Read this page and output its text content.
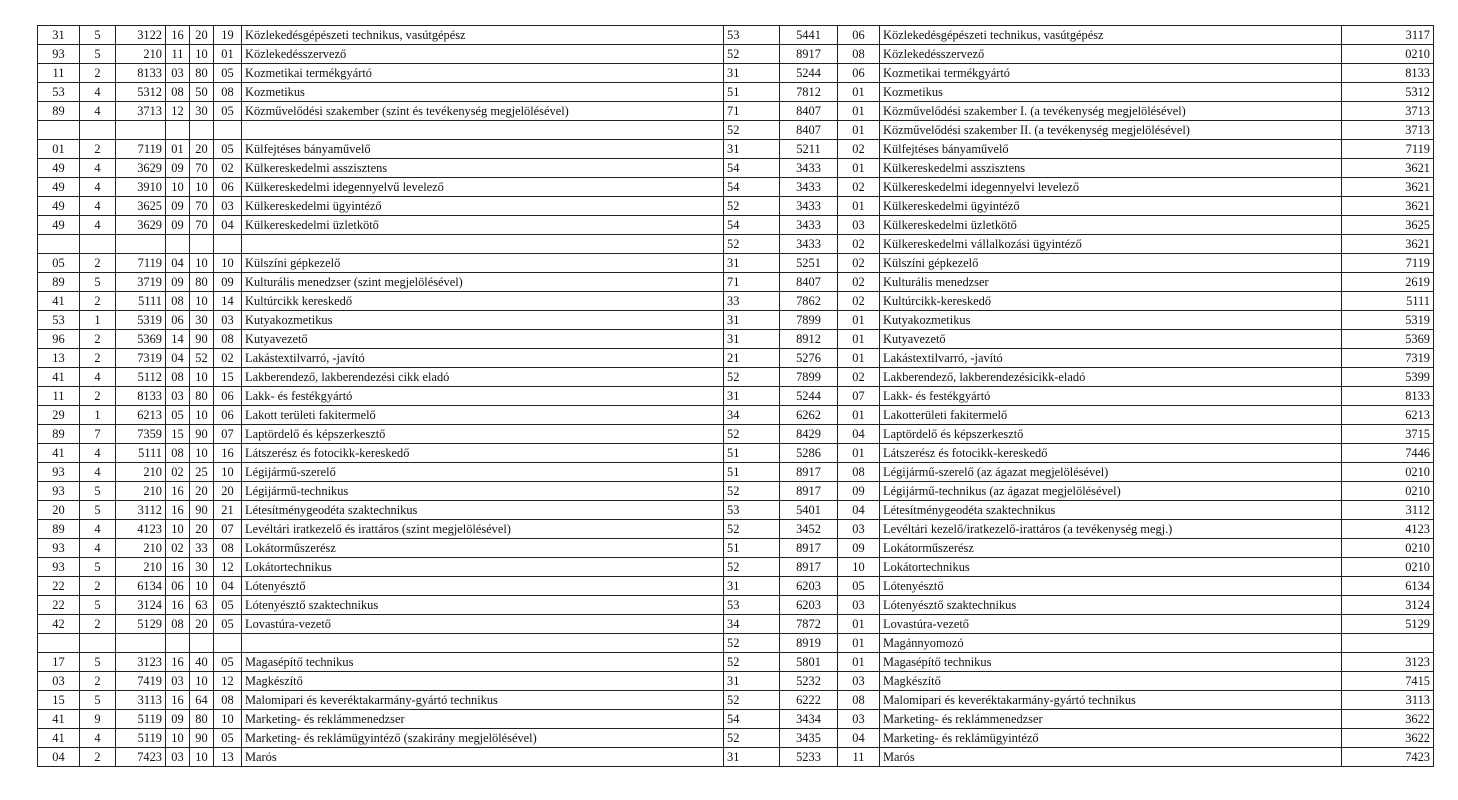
31	5	3122	16	20	19	Közlekedésgépészeti technikus, vasútgépész	53	5441	06	Közlekedésgépészeti technikus, vasútgépész	3117
93	5	210	11	10	01	Közlekedésszervező	52	8917	08	Közlekedésszervező	0210
11	2	8133	03	80	05	Kozmetikai termékgyártó	31	5244	06	Kozmetikai termékgyártó	8133
53	4	5312	08	50	08	Kozmetikus	51	7812	01	Kozmetikus	5312
89	4	3713	12	30	05	Közművelődési szakember (szint és tevékenység megjelölésével)	71	8407	01	Közművelődési szakember I. (a tevékenység megjelölésével)	3713
							52	8407	01	Közművelődési szakember II. (a tevékenység megjelölésével)	3713
01	2	7119	01	20	05	Külfejtéses bányaművelő	31	5211	02	Külfejtéses bányaművelő	7119
49	4	3629	09	70	02	Külkereskedelmi asszisztens	54	3433	01	Külkereskedelmi asszisztens	3621
49	4	3910	10	10	06	Külkereskedelmi idegennyelvű levelező	54	3433	02	Külkereskedelmi idegennyelvi levelező	3621
49	4	3625	09	70	03	Külkereskedelmi ügyintéző	52	3433	01	Külkereskedelmi ügyintéző	3621
49	4	3629	09	70	04	Külkereskedelmi üzletkötő	54	3433	03	Külkereskedelmi üzletkötő	3625
							52	3433	02	Külkereskedelmi vállalkozási ügyintéző	3621
05	2	7119	04	10	10	Külszíni gépkezelő	31	5251	02	Külszíni gépkezelő	7119
89	5	3719	09	80	09	Kulturális menedzser (szint megjelölésével)	71	8407	02	Kulturális menedzser	2619
41	2	5111	08	10	14	Kultúrcikk kereskedő	33	7862	02	Kultúrcikk-kereskedő	5111
53	1	5319	06	30	03	Kutyakozmetikus	31	7899	01	Kutyakozmetikus	5319
96	2	5369	14	90	08	Kutyavezető	31	8912	01	Kutyavezető	5369
13	2	7319	04	52	02	Lakástextilvarró, -javító	21	5276	01	Lakástextilvarró, -javító	7319
41	4	5112	08	10	15	Lakberendező, lakberendezési cikk eladó	52	7899	02	Lakberendező, lakberendezésicikk-eladó	5399
11	2	8133	03	80	06	Lakk- és festékgyártó	31	5244	07	Lakk- és festékgyártó	8133
29	1	6213	05	10	06	Lakott területi fakitermelő	34	6262	01	Lakotterületi fakitermelő	6213
89	7	7359	15	90	07	Laptördelő és képszerkesztő	52	8429	04	Laptördelő és képszerkesztő	3715
41	4	5111	08	10	16	Látszerész és fotocikk-kereskedő	51	5286	01	Látszerész és fotocikk-kereskedő	7446
93	4	210	02	25	10	Légijármű-szerelő	51	8917	08	Légijármű-szerelő (az ágazat megjelölésével)	0210
93	5	210	16	20	20	Légijármű-technikus	52	8917	09	Légijármű-technikus (az ágazat megjelölésével)	0210
20	5	3112	16	90	21	Létesítménygeodéta szaktechnikus	53	5401	04	Létesítménygeodéta szaktechnikus	3112
89	4	4123	10	20	07	Levéltári iratkezelő és irattáros (szint megjelölésével)	52	3452	03	Levéltári kezelő/iratkezelő-irattáros (a tevékenység megj.)	4123
93	4	210	02	33	08	Lokátorműszerész	51	8917	09	Lokátorműszerész	0210
93	5	210	16	30	12	Lokátortechnikus	52	8917	10	Lokátortechnikus	0210
22	2	6134	06	10	04	Lótenyésztő	31	6203	05	Lótenyésztő	6134
22	5	3124	16	63	05	Lótenyésztő szaktechnikus	53	6203	03	Lótenyésztő szaktechnikus	3124
42	2	5129	08	20	05	Lovastúra-vezető	34	7872	01	Lovastúra-vezető	5129
							52	8919	01	Magánnyomozó	
17	5	3123	16	40	05	Magasépítő technikus	52	5801	01	Magasépítő technikus	3123
03	2	7419	03	10	12	Magkészítő	31	5232	03	Magkészítő	7415
15	5	3113	16	64	08	Malomipari és keveréktakarmány-gyártó technikus	52	6222	08	Malomipari és keveréktakarmány-gyártó technikus	3113
41	9	5119	09	80	10	Marketing- és reklámmenedzser	54	3434	03	Marketing- és reklámmenedzser	3622
41	4	5119	10	90	05	Marketing- és reklámügyintéző (szakirány megjelölésével)	52	3435	04	Marketing- és reklámügyintéző	3622
04	2	7423	03	10	13	Marós	31	5233	11	Marós	7423
